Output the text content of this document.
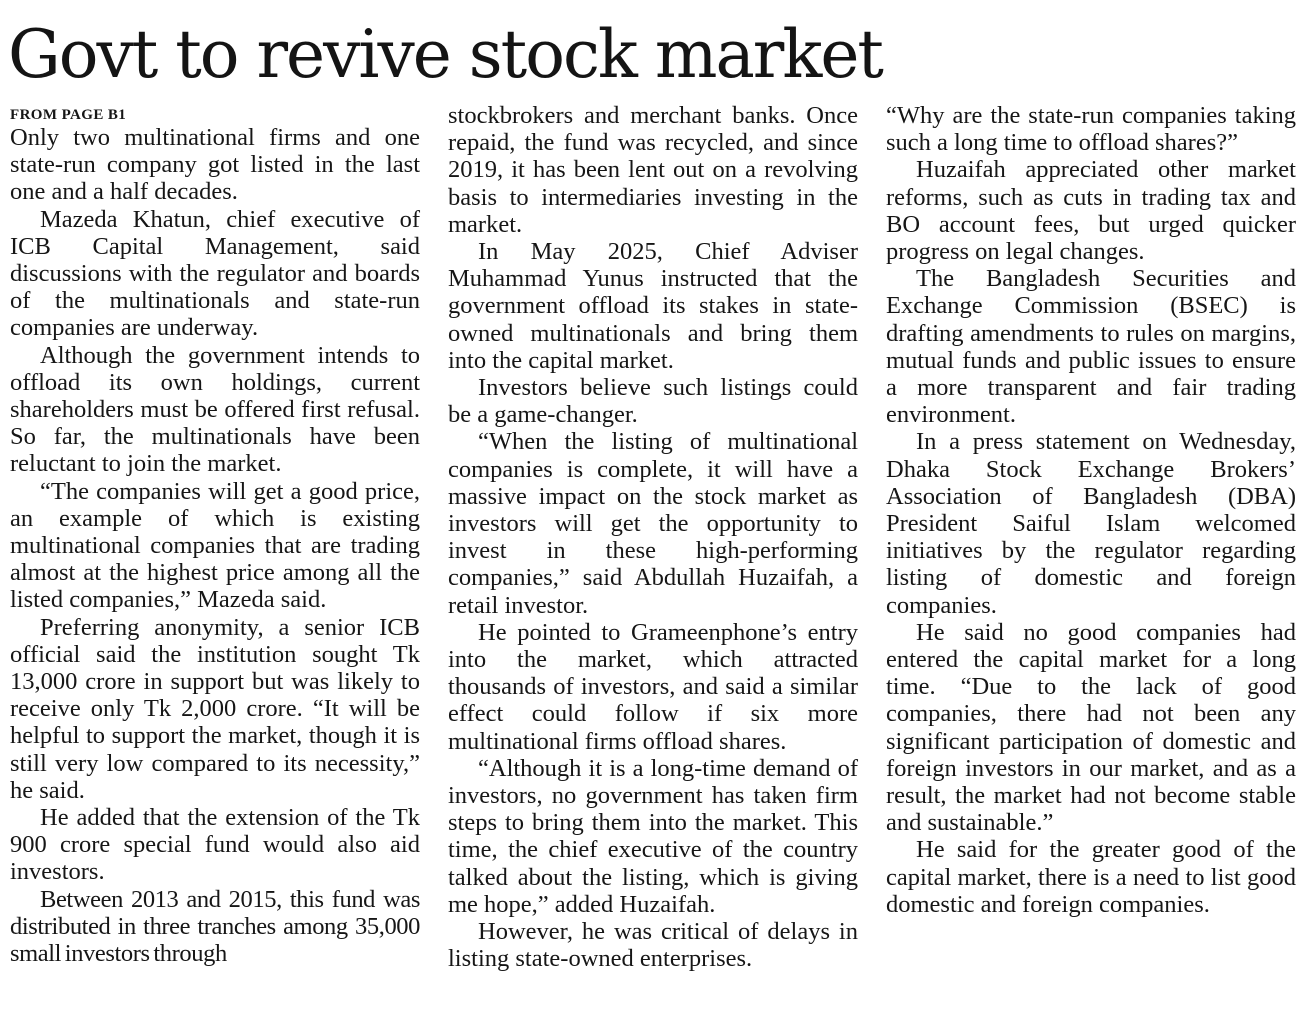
Govt to revive stock market
FROM PAGE B1

Only two multinational firms and one state-run company got listed in the last one and a half decades.

Mazeda Khatun, chief executive of ICB Capital Management, said discussions with the regulator and boards of the multinationals and state-run companies are underway.

Although the government intends to offload its own holdings, current shareholders must be offered first refusal. So far, the multinationals have been reluctant to join the market.

“The companies will get a good price, an example of which is existing multinational companies that are trading almost at the highest price among all the listed companies,” Mazeda said.

Preferring anonymity, a senior ICB official said the institution sought Tk 13,000 crore in support but was likely to receive only Tk 2,000 crore. “It will be helpful to support the market, though it is still very low compared to its necessity,” he said.

He added that the extension of the Tk 900 crore special fund would also aid investors.

Between 2013 and 2015, this fund was distributed in three tranches among 35,000 small investors through

stockbrokers and merchant banks. Once repaid, the fund was recycled, and since 2019, it has been lent out on a revolving basis to intermediaries investing in the market.

In May 2025, Chief Adviser Muhammad Yunus instructed that the government offload its stakes in state-owned multinationals and bring them into the capital market.

Investors believe such listings could be a game-changer.

“When the listing of multinational companies is complete, it will have a massive impact on the stock market as investors will get the opportunity to invest in these high-performing companies,” said Abdullah Huzaifah, a retail investor.

He pointed to Grameenphone’s entry into the market, which attracted thousands of investors, and said a similar effect could follow if six more multinational firms offload shares.

“Although it is a long-time demand of investors, no government has taken firm steps to bring them into the market. This time, the chief executive of the country talked about the listing, which is giving me hope,” added Huzaifah.

However, he was critical of delays in listing state-owned enterprises.

“Why are the state-run companies taking such a long time to offload shares?”

Huzaifah appreciated other market reforms, such as cuts in trading tax and BO account fees, but urged quicker progress on legal changes.

The Bangladesh Securities and Exchange Commission (BSEC) is drafting amendments to rules on margins, mutual funds and public issues to ensure a more transparent and fair trading environment.

In a press statement on Wednesday, Dhaka Stock Exchange Brokers’ Association of Bangladesh (DBA) President Saiful Islam welcomed initiatives by the regulator regarding listing of domestic and foreign companies.

He said no good companies had entered the capital market for a long time. “Due to the lack of good companies, there had not been any significant participation of domestic and foreign investors in our market, and as a result, the market had not become stable and sustainable.”

He said for the greater good of the capital market, there is a need to list good domestic and foreign companies.
